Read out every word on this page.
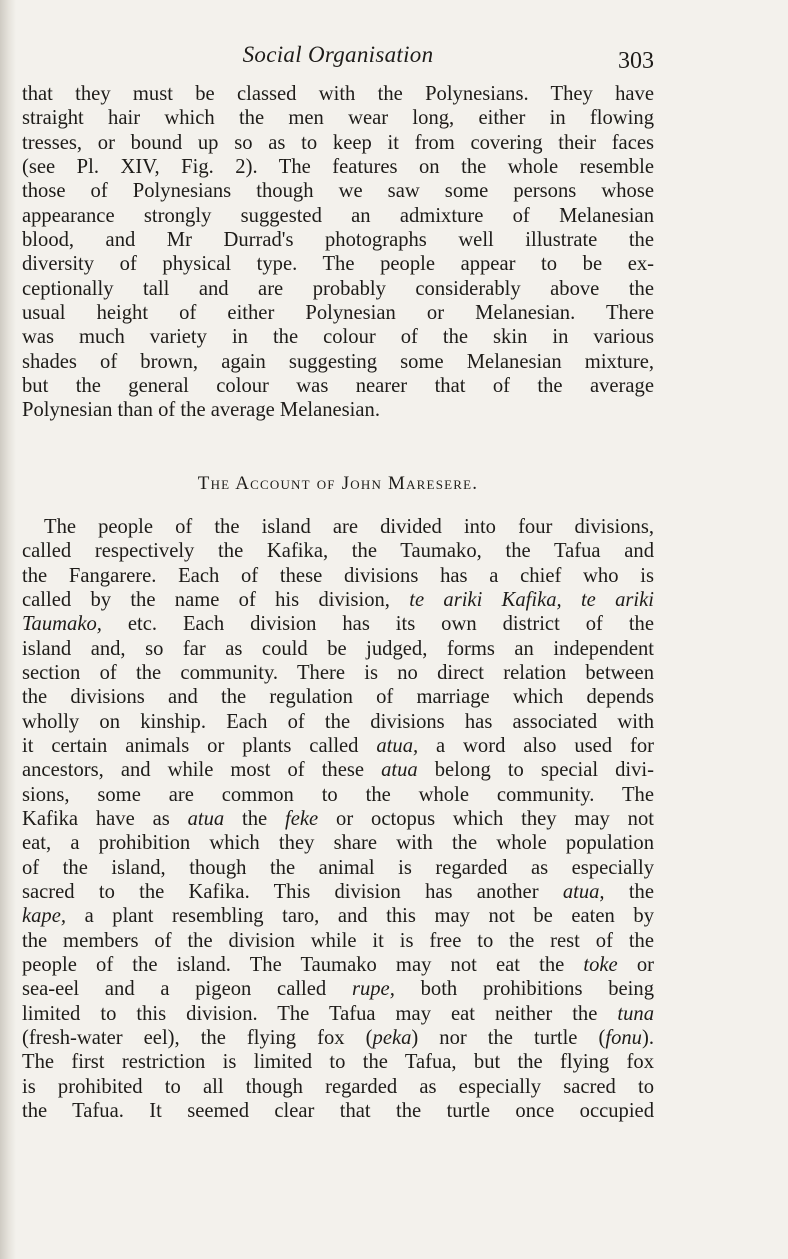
Social Organisation	303

that they must be classed with the Polynesians. They have
straight hair which the men wear long, either in flowing
tresses, or bound up so as to keep it from covering their faces
(see Pl. XIV, Fig. 2). The features on the whole resemble
those of Polynesians though we saw some persons whose
appearance strongly suggested an admixture of Melanesian
blood, and Mr Durrad's photographs well illustrate the
diversity of physical type. The people appear to be ex-
ceptionally tall and are probably considerably above the
usual height of either Polynesian or Melanesian. There
was much variety in the colour of the skin in various
shades of brown, again suggesting some Melanesian mixture,
but the general colour was nearer that of the average
Polynesian than of the average Melanesian.

The Account of John Maresere.

The people of the island are divided into four divisions,
called respectively the Kafika, the Taumako, the Tafua and
the Fangarere. Each of these divisions has a chief who is
called by the name of his division, te ariki Kafika, te ariki
Taumako, etc. Each division has its own district of the
island and, so far as could be judged, forms an independent
section of the community. There is no direct relation between
the divisions and the regulation of marriage which depends
wholly on kinship. Each of the divisions has associated with
it certain animals or plants called atua, a word also used for
ancestors, and while most of these atua belong to special divi-
sions, some are common to the whole community. The
Kafika have as atua the feke or octopus which they may not
eat, a prohibition which they share with the whole population
of the island, though the animal is regarded as especially
sacred to the Kafika. This division has another atua, the
kape, a plant resembling taro, and this may not be eaten by
the members of the division while it is free to the rest of the
people of the island. The Taumako may not eat the toke or
sea-eel and a pigeon called rupe, both prohibitions being
limited to this division. The Tafua may eat neither the tuna
(fresh-water eel), the flying fox (peka) nor the turtle (fonu).
The first restriction is limited to the Tafua, but the flying fox
is prohibited to all though regarded as especially sacred to
the Tafua. It seemed clear that the turtle once occupied
